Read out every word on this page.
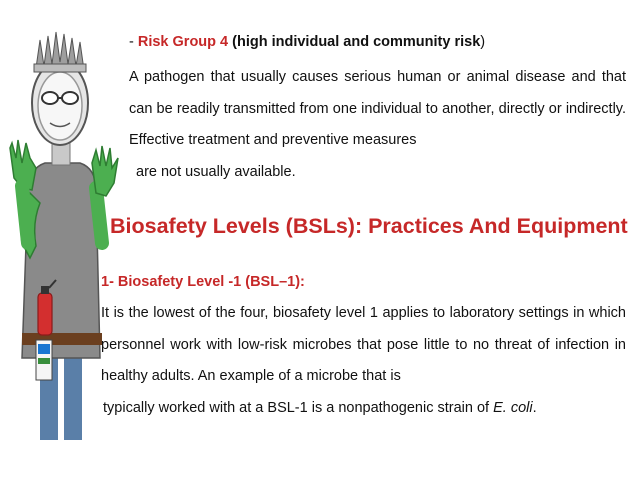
- Risk Group 4 (high individual and community risk)
A pathogen that usually causes serious human or animal disease and that can be readily transmitted from one individual to another, directly or indirectly. Effective treatment and preventive measures
are not usually available.
Biosafety Levels (BSLs): Practices And Equipment
1- Biosafety Level -1 (BSL–1):
It is the lowest of the four, biosafety level 1 applies to laboratory settings in which personnel work with low-risk microbes that pose little to no threat of infection in healthy adults. An example of a microbe that is
typically worked with at a BSL-1 is a nonpathogenic strain of E. coli.
